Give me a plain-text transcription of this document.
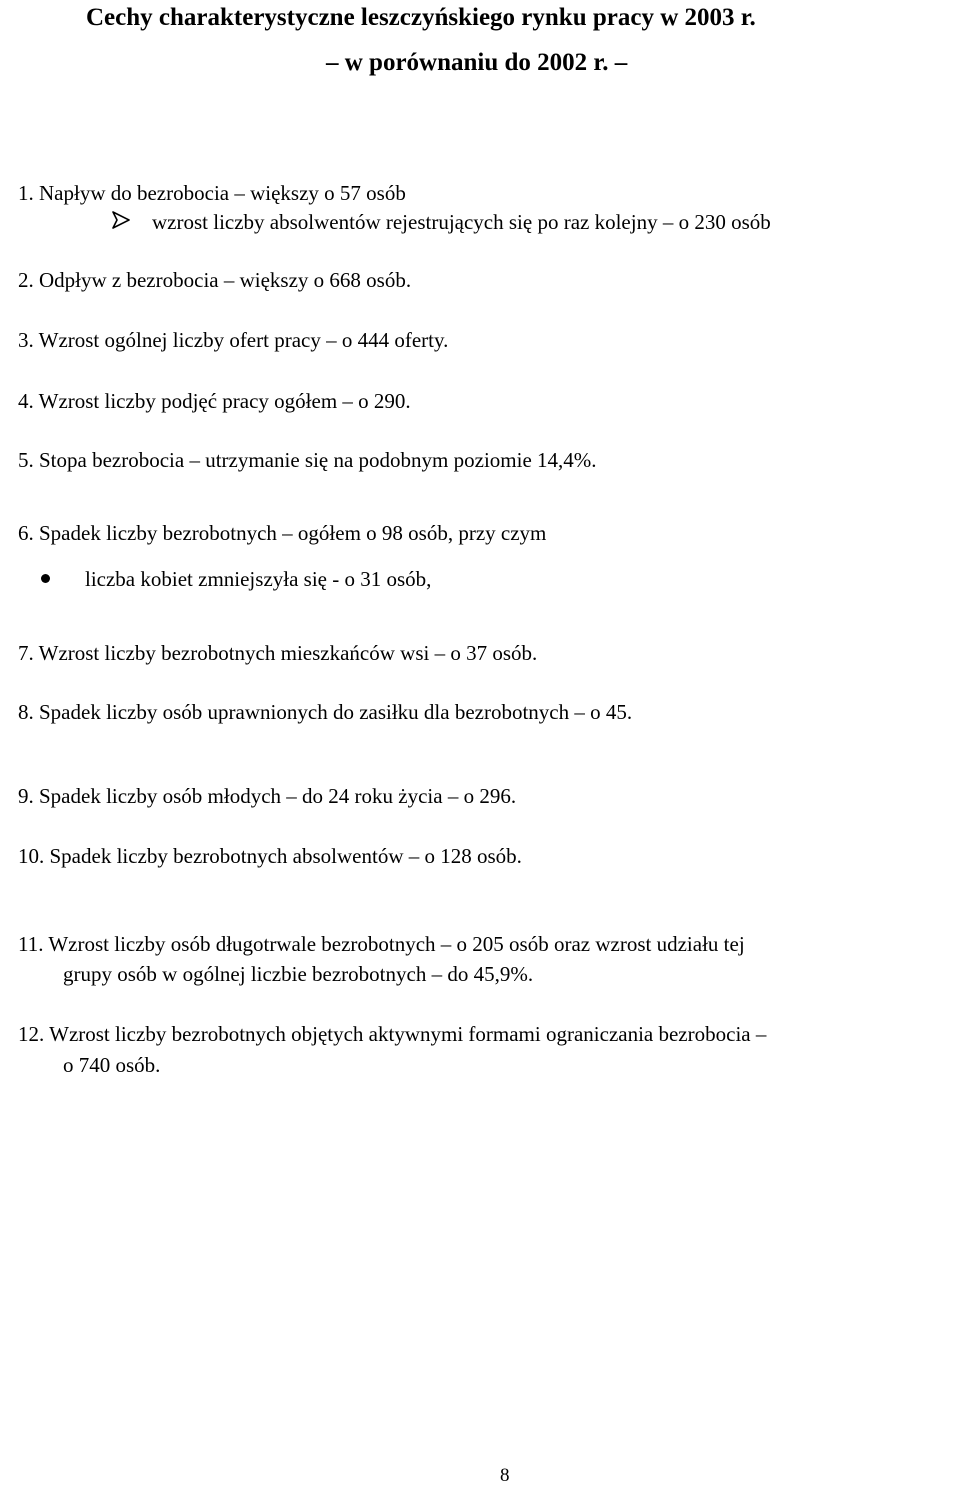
Cechy charakterystyczne leszczyńskiego rynku pracy w 2003 r.
– w porównaniu do 2002 r. –
1. Napływ do bezrobocia – większy o 57 osób
wzrost liczby absolwentów rejestrujących się po raz kolejny – o 230 osób
2. Odpływ z bezrobocia – większy o 668 osób.
3. Wzrost ogólnej liczby ofert pracy – o 444 oferty.
4. Wzrost liczby podjęć pracy ogółem – o 290.
5. Stopa bezrobocia – utrzymanie się na podobnym poziomie 14,4%.
6. Spadek liczby bezrobotnych – ogółem o 98 osób, przy czym
liczba kobiet zmniejszyła się - o 31 osób,
7. Wzrost liczby bezrobotnych mieszkańców wsi – o 37 osób.
8. Spadek liczby osób uprawnionych do zasiłku dla bezrobotnych – o 45.
9. Spadek liczby osób młodych – do 24 roku życia – o 296.
10. Spadek liczby bezrobotnych absolwentów – o 128 osób.
11. Wzrost liczby osób długotrwale bezrobotnych – o 205 osób oraz wzrost udziału tej
grupy osób w ogólnej liczbie bezrobotnych – do 45,9%.
12. Wzrost liczby bezrobotnych objętych aktywnymi formami ograniczania bezrobocia –
o 740 osób.
8
